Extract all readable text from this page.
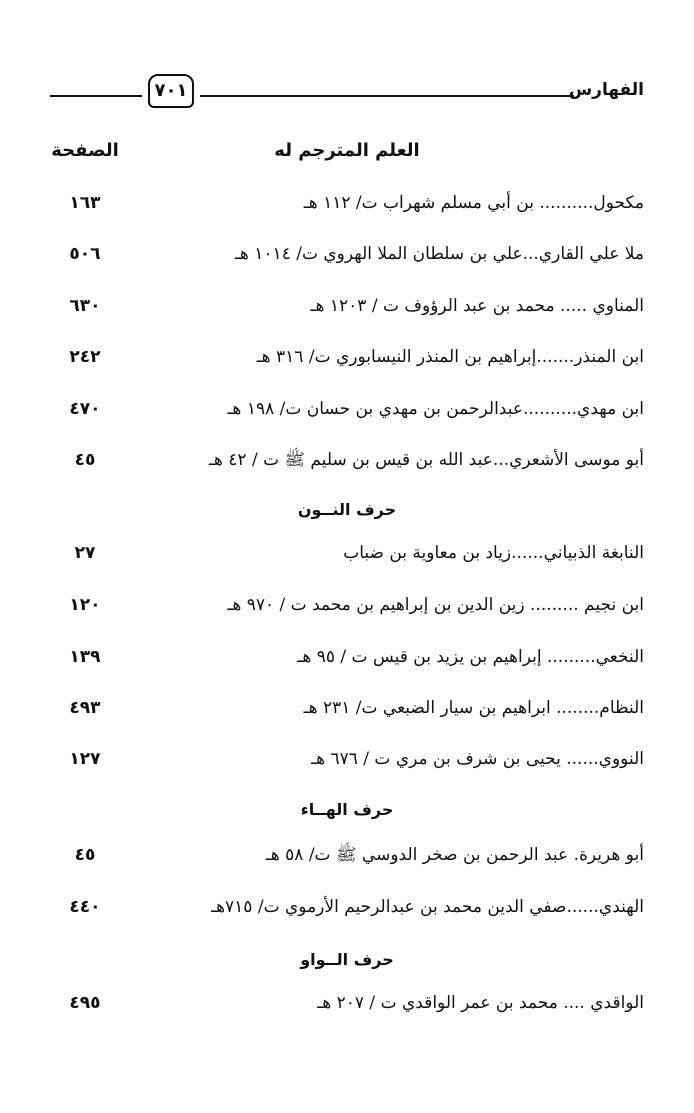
٧٠١	الفهارس
العلم المترجم له
الصفحة
مكحول.......... بن أبي مسلم شهراب ت/ ١١٢ هـ
١٦٣
ملا علي القاري...علي بن سلطان الملا الهروي ت/ ١٠١٤ هـ
٥٠٦
المناوي ..... محمد بن عبد الرؤوف ت / ١٢٠٣ هـ
٦٣٠
ابن المنذر.......إبراهيم بن المنذر النيسابوري ت/ ٣١٦ هـ
٢٤٢
ابن مهدي..........عبدالرحمن بن مهدي بن حسان ت/ ١٩٨ هـ
٤٧٠
أبو موسى الأشعري...عبد الله بن قيس بن سليم ﷺ ت / ٤٢ هـ
٤٥
حرف النــون
النابغة الذبياني......زياد بن معاوية بن ضباب
٢٧
ابن نجيم ......... زين الدين بن إبراهيم بن محمد ت / ٩٧٠ هـ
١٢٠
النخعي......... إبراهيم بن يزيد بن قيس ت / ٩٥ هـ
١٣٩
النظام........ ابراهيم بن سيار الضبعي ت/ ٢٣١ هـ
٤٩٣
النووي...... يحيى بن شرف بن مري ت / ٦٧٦ هـ
١٢٧
حرف الهــاء
أبو هريرة. عبد الرحمن بن صخر الدوسي ﷺ ت/ ٥٨ هـ
٤٥
الهندي......صفي الدين محمد بن عبدالرحيم الأرموي ت/ ٧١٥هـ
٤٤٠
حرف الــواو
الواقدي .... محمد بن عمر الواقدي ت / ٢٠٧ هـ
٤٩٥
